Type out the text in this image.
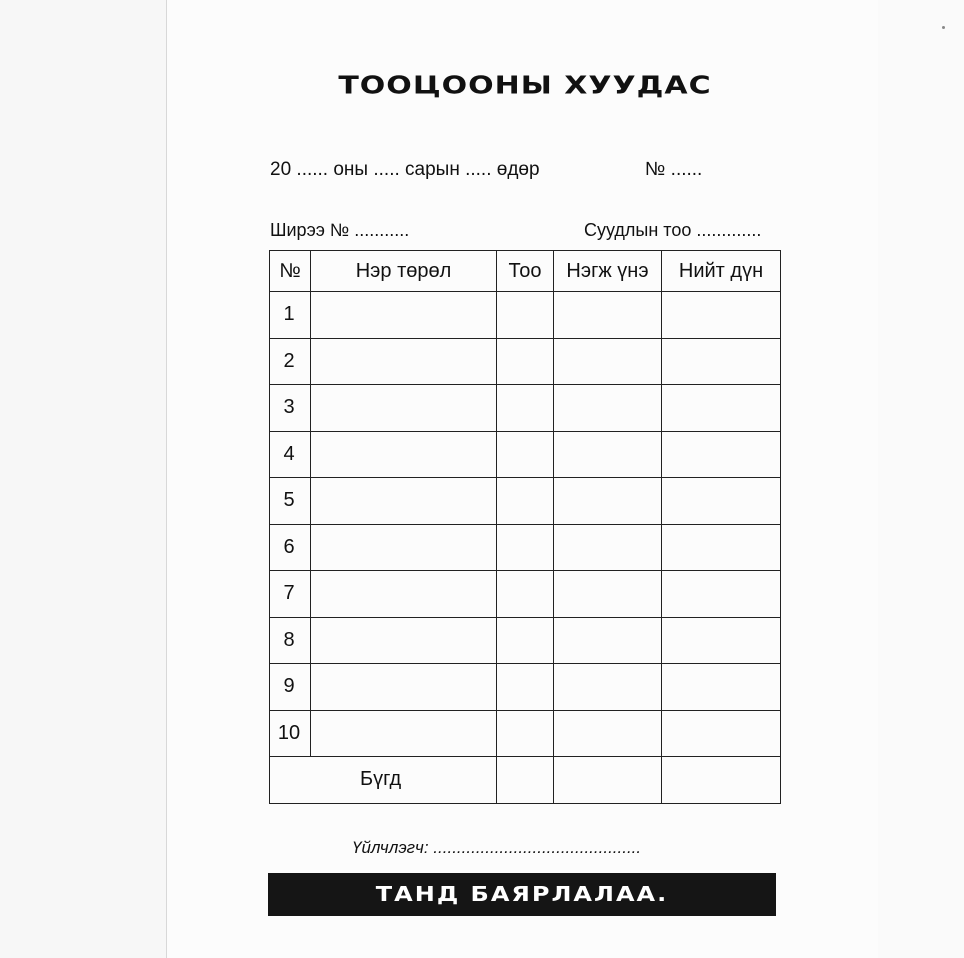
ТООЦООНЫ ХУУДАС
20 ...... оны ..... сарын ..... өдөр	№ ......
Ширээ № ...........	Суудлын тоо .............
№	Нэр төрөл	Тоо	Нэгж үнэ	Нийт дүн
1				
2				
3				
4				
5				
6				
7				
8				
9				
10				
Бүгд				
Үйлчлэгч: ............................................
ТАНД БАЯРЛАЛАА.
